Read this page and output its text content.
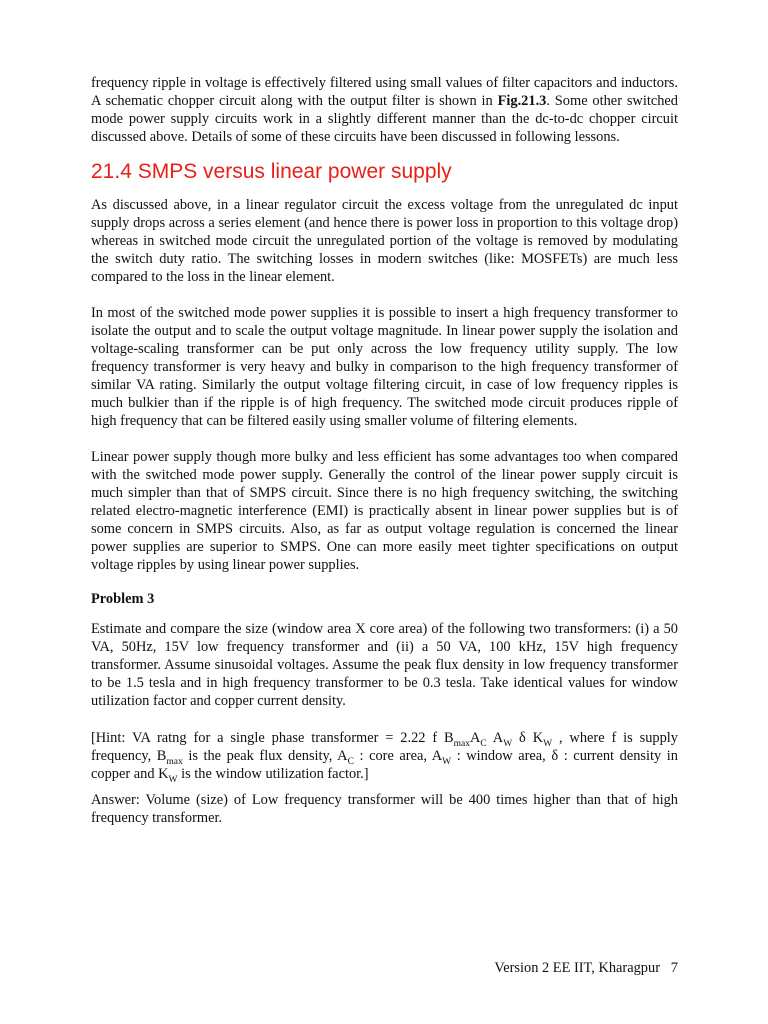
frequency ripple in voltage is effectively filtered using small values of filter capacitors and inductors. A schematic chopper circuit along with the output filter is shown in Fig.21.3. Some other switched mode power supply circuits work in a slightly different manner than the dc-to-dc chopper circuit discussed above. Details of some of these circuits have been discussed in following lessons.

21.4 SMPS versus linear power supply

As discussed above, in a linear regulator circuit the excess voltage from the unregulated dc input supply drops across a series element (and hence there is power loss in proportion to this voltage drop) whereas in switched mode circuit the unregulated portion of the voltage is removed by modulating the switch duty ratio. The switching losses in modern switches (like: MOSFETs) are much less compared to the loss in the linear element.

In most of the switched mode power supplies it is possible to insert a high frequency transformer to isolate the output and to scale the output voltage magnitude. In linear power supply the isolation and voltage-scaling transformer can be put only across the low frequency utility supply. The low frequency transformer is very heavy and bulky in comparison to the high frequency transformer of similar VA rating. Similarly the output voltage filtering circuit, in case of low frequency ripples is much bulkier than if the ripple is of high frequency. The switched mode circuit produces ripple of high frequency that can be filtered easily using smaller volume of filtering elements.

Linear power supply though more bulky and less efficient has some advantages too when compared with the switched mode power supply. Generally the control of the linear power supply circuit is much simpler than that of SMPS circuit. Since there is no high frequency switching, the switching related electro-magnetic interference (EMI) is practically absent in linear power supplies but is of some concern in SMPS circuits. Also, as far as output voltage regulation is concerned the linear power supplies are superior to SMPS. One can more easily meet tighter specifications on output voltage ripples by using linear power supplies.

Problem 3

Estimate and compare the size (window area X core area) of the following two transformers: (i) a 50 VA, 50Hz, 15V low frequency transformer and (ii) a 50 VA, 100 kHz, 15V high frequency transformer. Assume sinusoidal voltages. Assume the peak flux density in low frequency transformer to be 1.5 tesla and in high frequency transformer to be 0.3 tesla. Take identical values for window utilization factor and copper current density.

[Hint: VA ratng for a single phase transformer = 2.22 f $B_{max}A_C$ $A_W$ δ $K_W$ , where f is supply frequency, $B_{max}$ is the peak flux density, $A_C$ : core area, $A_W$ : window area, δ : current density in copper and $K_W$ is the window utilization factor.]

Answer: Volume (size) of Low frequency transformer will be 400 times higher than that of high frequency transformer.

Version 2 EE IIT, Kharagpur 7
